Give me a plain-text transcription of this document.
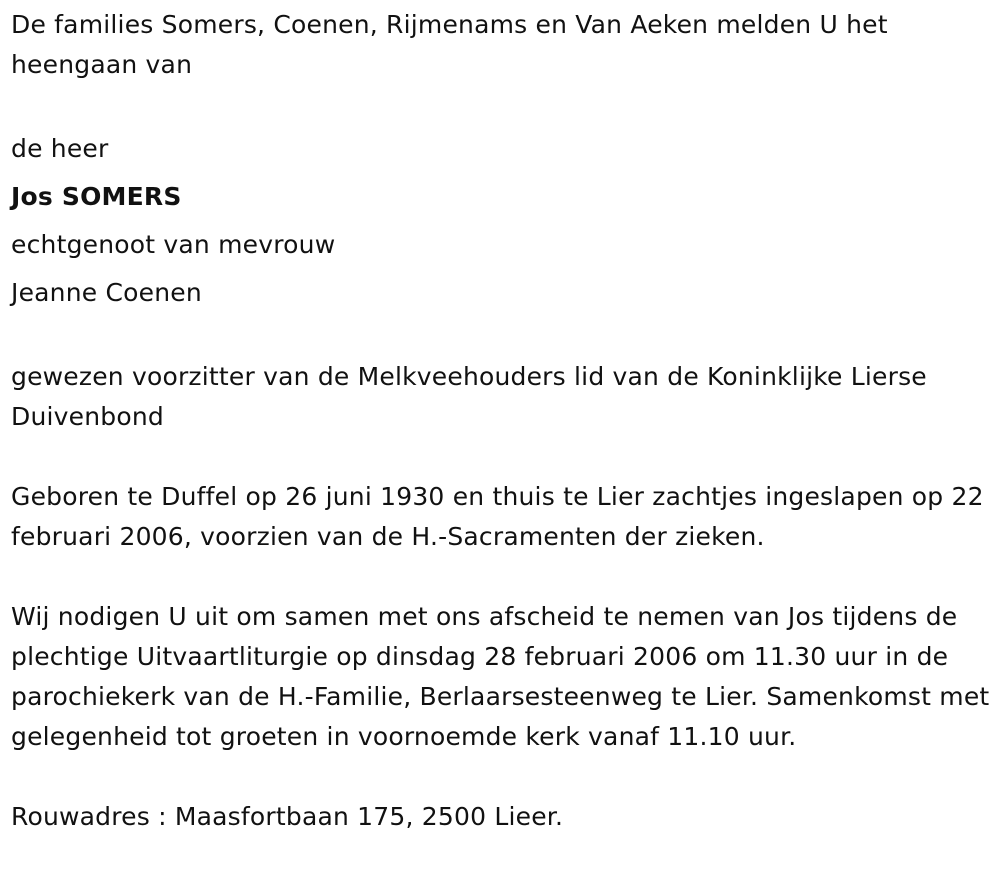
De families Somers, Coenen, Rijmenams en Van Aeken melden U het heengaan van

de heer

Jos SOMERS

echtgenoot van mevrouw

Jeanne Coenen

gewezen voorzitter van de Melkveehouders lid van de Koninklijke Lierse Duivenbond

Geboren te Duffel op 26 juni 1930 en thuis te Lier zachtjes ingeslapen op 22 februari 2006, voorzien van de H.-Sacramenten der zieken.

Wij nodigen U uit om samen met ons afscheid te nemen van Jos tijdens de plechtige Uitvaartliturgie op dinsdag 28 februari 2006 om 11.30 uur in de parochiekerk van de H.-Familie, Berlaarsesteenweg te Lier. Samenkomst met gelegenheid tot groeten in voornoemde kerk vanaf 11.10 uur.

Rouwadres : Maasfortbaan 175, 2500 Lieer.
